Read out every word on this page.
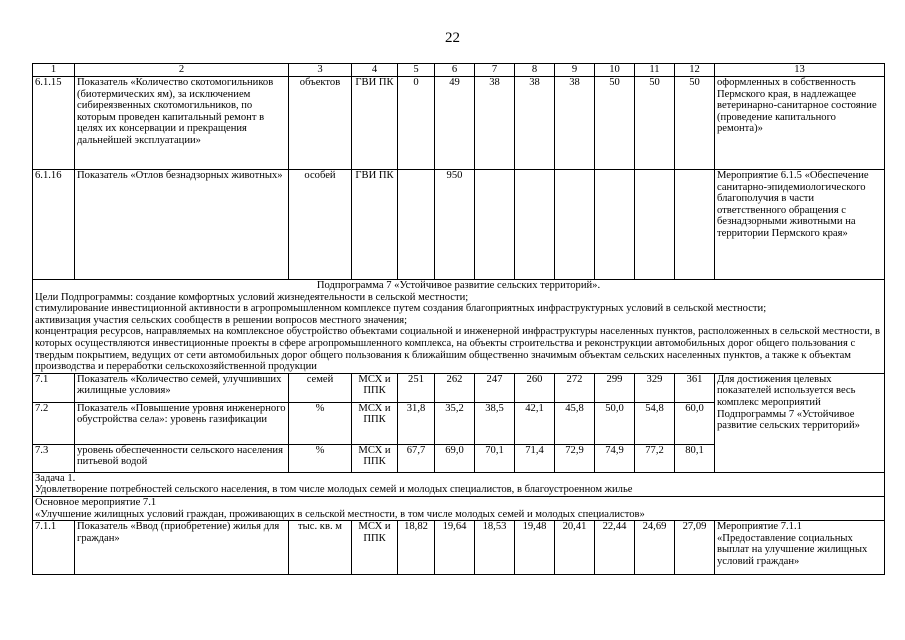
22
1	2	3	4	5	6	7	8	9	10	11	12	13
6.1.15	Показатель «Количество скотомогильников (биотермических ям), за исключением сибиреязвенных скотомогильников, по которым проведен капитальный ремонт в целях их консервации и прекращения дальнейшей эксплуатации»	объектов	ГВИ ПК	0	49	38	38	38	50	50	50	оформленных в собственность Пермского края, в надлежащее ветеринарно-санитарное состояние (проведение капитального ремонта)»
6.1.16	Показатель «Отлов безнадзорных животных»	особей	ГВИ ПК		950							Мероприятие 6.1.5 «Обеспечение санитарно-эпидемиологического благополучия в части ответственного обращения с безнадзорными животными на территории Пермского края»

Подпрограмма 7 «Устойчивое развитие сельских территорий».
Цели Подпрограммы: создание комфортных условий жизнедеятельности в сельской местности;
стимулирование инвестиционной активности в агропромышленном комплексе путем создания благоприятных инфраструктурных условий в сельской местности;
активизация участия сельских сообществ в решении вопросов местного значения;
концентрация ресурсов, направляемых на комплексное обустройство объектами социальной и инженерной инфраструктуры населенных пунктов, расположенных в сельской местности, в которых осуществляются инвестиционные проекты в сфере агропромышленного комплекса, на объекты строительства и реконструкции автомобильных дорог общего пользования с твердым покрытием, ведущих от сети автомобильных дорог общего пользования к ближайшим общественно значимым объектам сельских населенных пунктов, а также к объектам производства и переработки сельскохозяйственной продукции												

7.1	Показатель «Количество семей, улучшивших жилищные условия»	семей	МСХ и ППК	251	262	247	260	272	299	329	361	Для достижения целевых показателей используется весь комплекс мероприятий Подпрограммы 7 «Устойчивое развитие сельских территорий»
7.2	Показатель «Повышение уровня инженерного обустройства села»: уровень газификации	%	МСХ и ППК	31,8	35,2	38,5	42,1	45,8	50,0	54,8	60,0	
7.3	уровень обеспеченности сельского населения питьевой водой	%	МСХ и ППК	67,7	69,0	70,1	71,4	72,9	74,9	77,2	80,1	

Задача 1.
Удовлетворение потребностей сельского населения, в том числе молодых семей и молодых специалистов, в благоустроенном жилье												

Основное мероприятие 7.1
«Улучшение жилищных условий граждан, проживающих в сельской местности, в том числе молодых семей и молодых специалистов»												

7.1.1	Показатель «Ввод (приобретение) жилья для граждан»	тыс. кв. м	МСХ и ППК	18,82	19,64	18,53	19,48	20,41	22,44	24,69	27,09	Мероприятие 7.1.1 «Предоставление социальных выплат на улучшение жилищных условий граждан»
